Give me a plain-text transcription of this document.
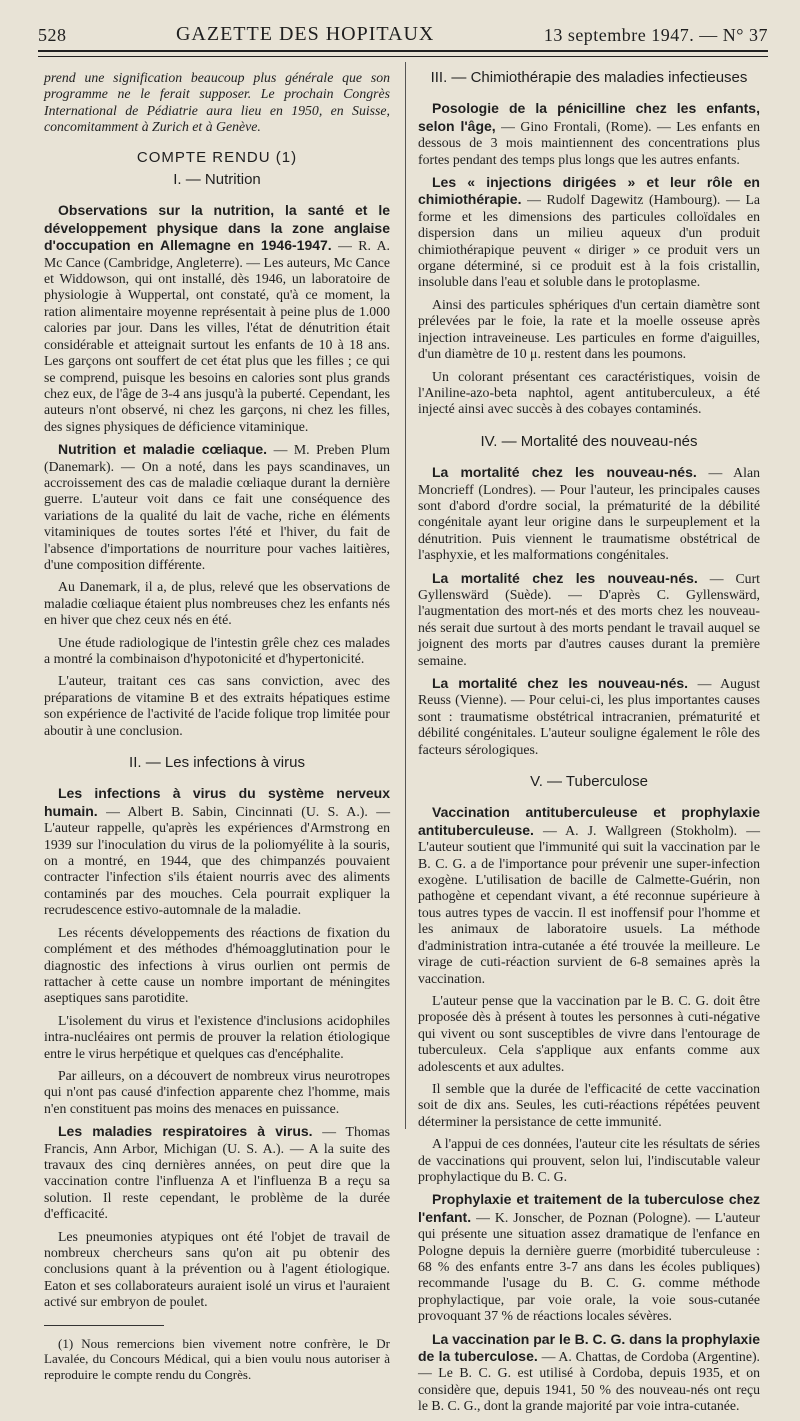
528	GAZETTE DES HOPITAUX	13 septembre 1947. — N° 37

prend une signification beaucoup plus générale que son programme ne le ferait supposer. Le prochain Congrès International de Pédiatrie aura lieu en 1950, en Suisse, concomitamment à Zurich et à Genève.

COMPTE RENDU (1)
I. — Nutrition

Observations sur la nutrition, la santé et le développement physique dans la zone anglaise d'occupation en Allemagne en 1946-1947. — R. A. Mc Cance (Cambridge, Angleterre). — Les auteurs, Mc Cance et Widdowson, qui ont installé, dès 1946, un laboratoire de physiologie à Wuppertal, ont constaté, qu'à ce moment, la ration alimentaire moyenne représentait à peine plus de 1.000 calories par jour. Dans les villes, l'état de dénutrition était considérable et atteignait surtout les enfants de 10 à 18 ans. Les garçons ont souffert de cet état plus que les filles ; ce qui se comprend, puisque les besoins en calories sont plus grands chez eux, de l'âge de 3-4 ans jusqu'à la puberté. Cependant, les auteurs n'ont observé, ni chez les garçons, ni chez les filles, des signes physiques de déficience vitaminique.

Nutrition et maladie cœliaque. — M. Preben Plum (Danemark). — On a noté, dans les pays scandinaves, un accroissement des cas de maladie cœliaque durant la dernière guerre. L'auteur voit dans ce fait une conséquence des variations de la qualité du lait de vache, riche en éléments vitaminiques de toutes sortes l'été et l'hiver, du fait de l'absence d'importations de nourriture pour vaches laitières, d'une composition différente.

Au Danemark, il a, de plus, relevé que les observations de maladie cœliaque étaient plus nombreuses chez les enfants nés en hiver que chez ceux nés en été.

Une étude radiologique de l'intestin grêle chez ces malades a montré la combinaison d'hypotonicité et d'hypertonicité.

L'auteur, traitant ces cas sans conviction, avec des préparations de vitamine B et des extraits hépatiques estime son expérience de l'activité de l'acide folique trop limitée pour aboutir à une conclusion.

II. — Les infections à virus

Les infections à virus du système nerveux humain. — Albert B. Sabin, Cincinnati (U. S. A.). — L'auteur rappelle, qu'après les expériences d'Armstrong en 1939 sur l'inoculation du virus de la poliomyélite à la souris, on a montré, en 1944, que des chimpanzés pouvaient contracter l'infection s'ils étaient nourris avec des aliments contaminés par des mouches. Cela pourrait expliquer la recrudescence estivo-automnale de la maladie.

Les récents développements des réactions de fixation du complément et des méthodes d'hémoagglutination pour le diagnostic des infections à virus ourlien ont permis de rattacher à cette cause un nombre important de méningites aseptiques sans parotidite.

L'isolement du virus et l'existence d'inclusions acidophiles intra-nucléaires ont permis de prouver la relation étiologique entre le virus herpétique et quelques cas d'encéphalite.

Par ailleurs, on a découvert de nombreux virus neurotropes qui n'ont pas causé d'infection apparente chez l'homme, mais n'en constituent pas moins des menaces en puissance.

Les maladies respiratoires à virus. — Thomas Francis, Ann Arbor, Michigan (U. S. A.). — A la suite des travaux des cinq dernières années, on peut dire que la vaccination contre l'influenza A et l'influenza B a reçu sa solution. Il reste cependant, le problème de la durée d'efficacité.

Les pneumonies atypiques ont été l'objet de travail de nombreux chercheurs sans qu'on ait pu obtenir des conclusions quant à la prévention ou à l'agent étiologique. Eaton et ses collaborateurs auraient isolé un virus et l'auraient activé sur embryon de poulet.

(1) Nous remercions bien vivement notre confrère, le Dr Lavalée, du Concours Médical, qui a bien voulu nous autoriser à reproduire le compte rendu du Congrès.

III. — Chimiothérapie des maladies infectieuses

Posologie de la pénicilline chez les enfants, selon l'âge, — Gino Frontali, (Rome). — Les enfants en dessous de 3 mois maintiennent des concentrations plus fortes pendant des temps plus longs que les autres enfants.

Les « injections dirigées » et leur rôle en chimiothérapie. — Rudolf Dagewitz (Hambourg). — La forme et les dimensions des particules colloïdales en dispersion dans un milieu aqueux d'un produit chimiothérapique peuvent « diriger » ce produit vers un organe déterminé, si ce produit est à la fois cristallin, insoluble dans l'eau et soluble dans le protoplasme.

Ainsi des particules sphériques d'un certain diamètre sont prélevées par le foie, la rate et la moelle osseuse après injection intraveineuse. Les particules en forme d'aiguilles, d'un diamètre de 10 μ. restent dans les poumons.

Un colorant présentant ces caractéristiques, voisin de l'Aniline-azo-beta naphtol, agent antituberculeux, a été injecté ainsi avec succès à des cobayes contaminés.

IV. — Mortalité des nouveau-nés

La mortalité chez les nouveau-nés. — Alan Moncrieff (Londres). — Pour l'auteur, les principales causes sont d'abord d'ordre social, la prématurité de la débilité congénitale ayant leur origine dans le surpeuplement et la dénutrition. Puis viennent le traumatisme obstétrical de l'asphyxie, et les malformations congénitales.

La mortalité chez les nouveau-nés. — Curt Gyllenswärd (Suède). — D'après C. Gyllenswärd, l'augmentation des mort-nés et des morts chez les nouveau-nés serait due surtout à des morts pendant le travail auquel se joignent des morts par d'autres causes durant la première semaine.

La mortalité chez les nouveau-nés. — August Reuss (Vienne). — Pour celui-ci, les plus importantes causes sont : traumatisme obstétrical intracranien, prématurité et débilité congénitales. L'auteur souligne également le rôle des facteurs sérologiques.

V. — Tuberculose

Vaccination antituberculeuse et prophylaxie antituberculeuse. — A. J. Wallgreen (Stokholm). — L'auteur soutient que l'immunité qui suit la vaccination par le B. C. G. a de l'importance pour prévenir une super-infection exogène. L'utilisation de bacille de Calmette-Guérin, non pathogène et cependant vivant, a été reconnue supérieure à tous autres types de vaccin. Il est inoffensif pour l'homme et les animaux de laboratoire usuels. La méthode d'administration intra-cutanée a été trouvée la meilleure. Le virage de cuti-réaction survient de 6-8 semaines après la vaccination.

L'auteur pense que la vaccination par le B. C. G. doit être proposée dès à présent à toutes les personnes à cuti-négative qui vivent ou sont susceptibles de vivre dans l'entourage de tuberculeux. Cela s'applique aux enfants comme aux adolescents et aux adultes.

Il semble que la durée de l'efficacité de cette vaccination soit de dix ans. Seules, les cuti-réactions répétées peuvent déterminer la persistance de cette immunité.

A l'appui de ces données, l'auteur cite les résultats de séries de vaccinations qui prouvent, selon lui, l'indiscutable valeur prophylactique du B. C. G.

Prophylaxie et traitement de la tuberculose chez l'enfant. — K. Jonscher, de Poznan (Pologne). — L'auteur qui présente une situation assez dramatique de l'enfance en Pologne depuis la dernière guerre (morbidité tuberculeuse : 68 % des enfants entre 3-7 ans dans les écoles publiques) recommande l'usage du B. C. G. comme méthode prophylactique, par voie orale, la voie sous-cutanée provoquant 37 % de réactions locales sévères.

La vaccination par le B. C. G. dans la prophylaxie de la tuberculose. — A. Chattas, de Cordoba (Argentine). — Le B. C. G. est utilisé à Cordoba, depuis 1935, et on considère que, depuis 1941, 50 % des nouveau-nés ont reçu le B. C. G., dont la grande majorité par voie intra-cutanée.
